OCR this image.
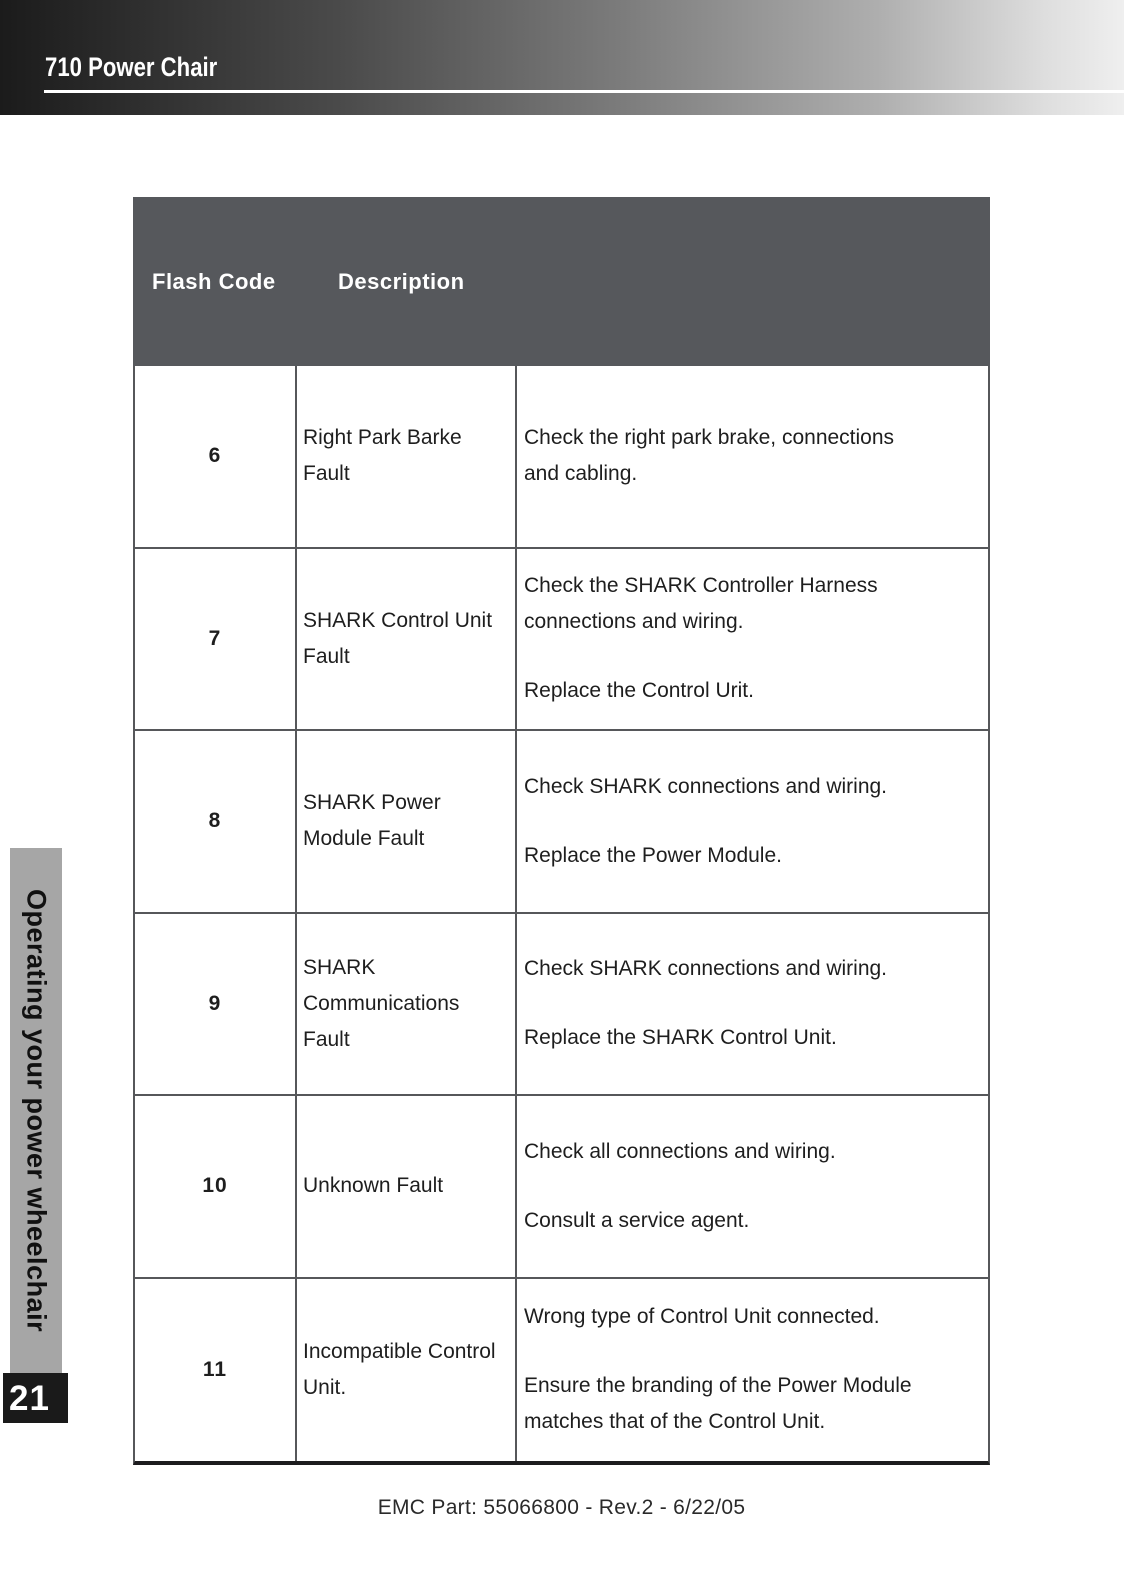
710 Power Chair
Operating your power wheelchair
21
Flash Code	Description
6

Right Park Barke Fault

Check the right park brake, connections and cabling.

7

SHARK Control Unit Fault

Check the SHARK Controller Harness connections and wiring.

Replace the Control Urit.

8

SHARK Power Module Fault

Check SHARK connections and wiring.

Replace the Power Module.

9

SHARK Communications Fault

Check SHARK connections and wiring.

Replace the SHARK Control Unit.

10	Unknown Fault

Check all connections and wiring.

Consult a service agent.

11

Incompatible Control Unit.

Wrong type of Control Unit connected.

Ensure the branding of the Power Module matches that of the Control Unit.

EMC Part: 55066800 - Rev.2 - 6/22/05
